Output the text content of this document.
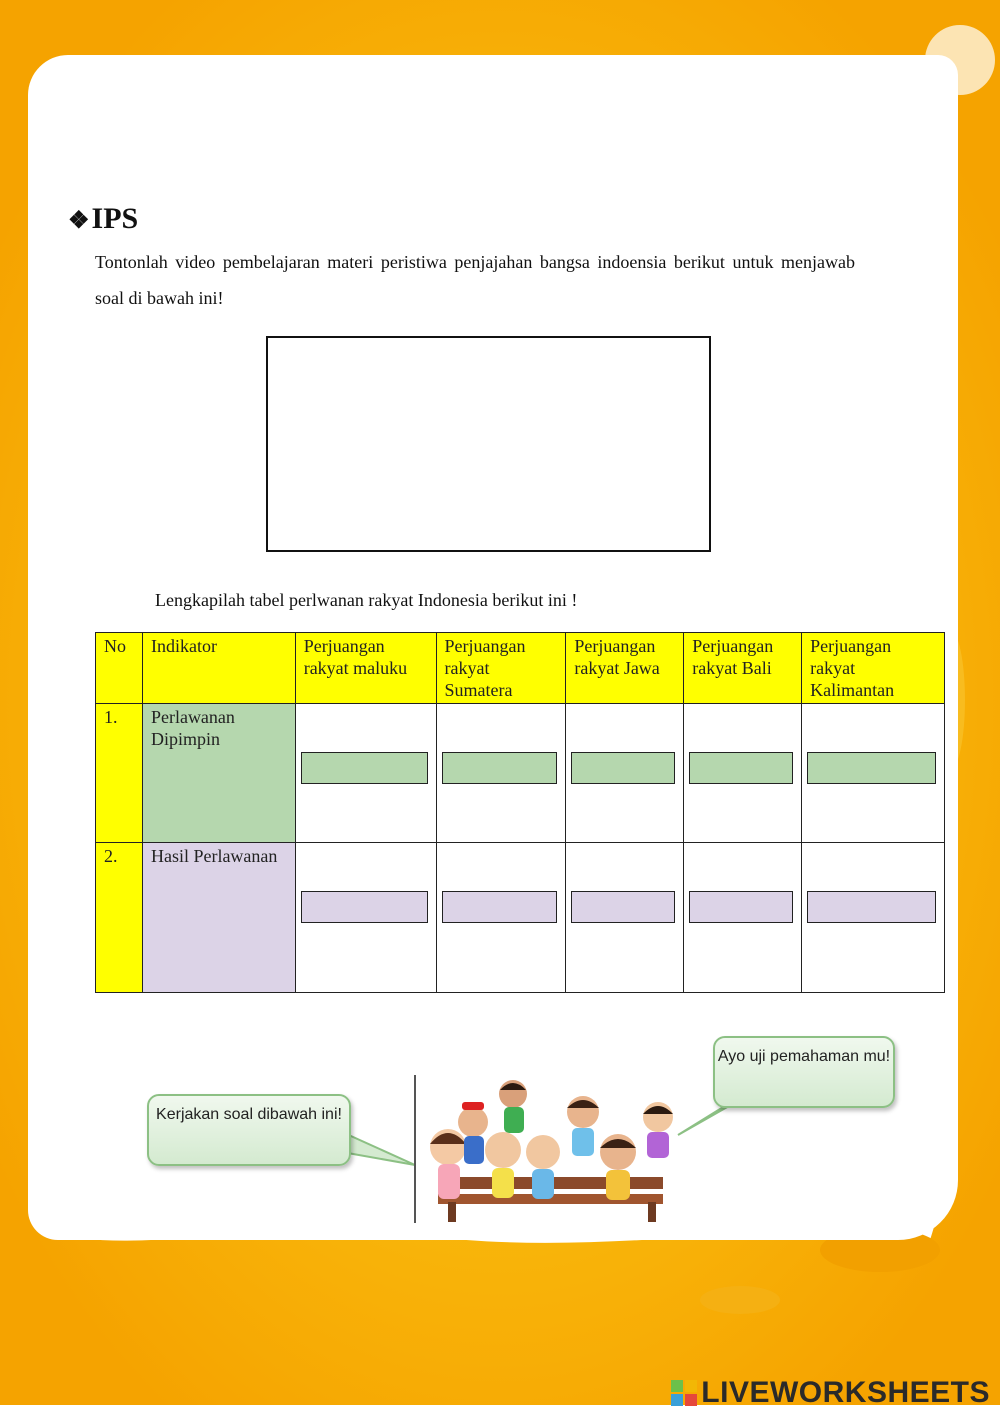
❖IPS
Tontonlah video pembelajaran materi peristiwa penjajahan bangsa indoensia berikut untuk menjawab soal di bawah ini!
Lengkapilah tabel perlwanan rakyat Indonesia berikut ini !
No	Indikator	Perjuangan rakyat maluku	Perjuangan rakyat Sumatera	Perjuangan rakyat Jawa	Perjuangan rakyat Bali	Perjuangan rakyat Kalimantan
1.	Perlawanan Dipimpin	

2.	Hasil Perlawanan	

Kerjakan soal dibawah ini!
Ayo uji pemahaman mu!
LIVEWORKSHEETS
